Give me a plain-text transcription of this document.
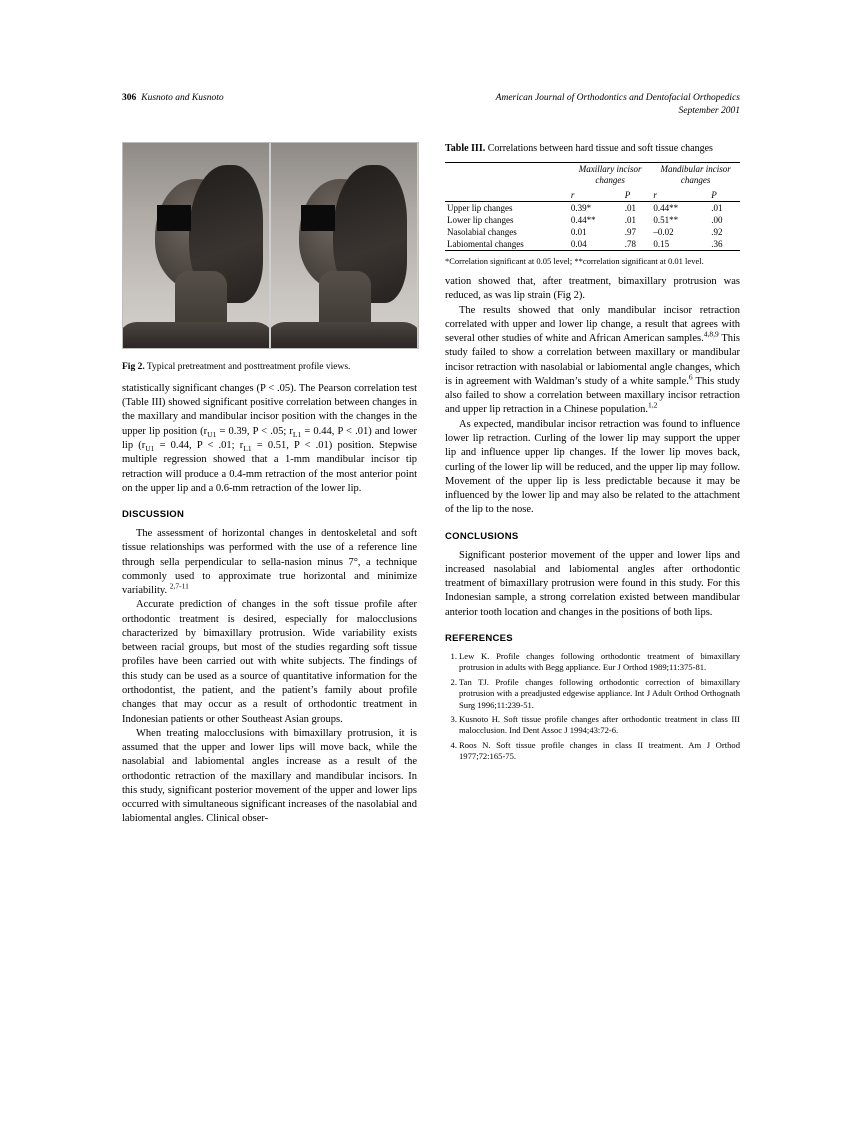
306 Kusnoto and Kusnoto	American Journal of Orthodontics and Dentofacial Orthopedics
September 2001
Fig 2. Typical pretreatment and posttreatment profile views.

statistically significant changes (P < .05). The Pearson correlation test (Table III) showed significant positive correlation between changes in the maxillary and mandibular incisor position with the changes in the upper lip position ($r_{U1} = 0.39$, P < .05; $r_{L1} = 0.44$, P < .01) and lower lip ($r_{U1} = 0.44$, P < .01; $r_{L1} = 0.51$, P < .01) position. Stepwise multiple regression showed that a 1-mm mandibular incisor tip retraction will produce a 0.4-mm retraction of the most anterior point on the upper lip and a 0.6-mm retraction of the lower lip.

DISCUSSION

The assessment of horizontal changes in dentoskeletal and soft tissue relationships was performed with the use of a reference line through sella perpendicular to sella-nasion minus 7°, a technique commonly used to approximate true horizontal and minimize variability. $^{2,7-11}$

Accurate prediction of changes in the soft tissue profile after orthodontic treatment is desired, especially for malocclusions characterized by bimaxillary protrusion. Wide variability exists between racial groups, but most of the studies regarding soft tissue profiles have been carried out with white subjects. The findings of this study can be used as a source of quantitative information for the orthodontist, the patient, and the patient’s family about profile changes that may occur as a result of orthodontic treatment in Indonesian patients or other Southeast Asian groups.

When treating malocclusions with bimaxillary protrusion, it is assumed that the upper and lower lips will move back, while the nasolabial and labiomental angles increase as a result of the orthodontic retraction of the maxillary and mandibular incisors. In this study, significant posterior movement of the upper and lower lips occurred with simultaneous significant increases of the nasolabial and labiomental angles. Clinical obser-

Table III. Correlations between hard tissue and soft tissue changes
	Maxillary incisor changes		Mandibular incisor changes	
	r	P	r	P
Upper lip changes	0.39*	.01	0.44**	.01
Lower lip changes	0.44**	.01	0.51**	.00
Nasolabial changes	0.01	.97	–0.02	.92
Labiomental changes	0.04	.78	0.15	.36
*Correlation significant at 0.05 level; **correlation significant at 0.01 level.

vation showed that, after treatment, bimaxillary protrusion was reduced, as was lip strain (Fig 2).

The results showed that only mandibular incisor retraction correlated with upper and lower lip change, a result that agrees with several other studies of white and African American samples.$^{4,8,9}$ This study failed to show a correlation between maxillary or mandibular incisor retraction with nasolabial or labiomental angle changes, which is in agreement with Waldman’s study of a white sample.$^6$ This study also failed to show a correlation between maxillary incisor retraction and upper lip retraction in a Chinese population.$^{1,2}$

As expected, mandibular incisor retraction was found to influence lower lip retraction. Curling of the lower lip may support the upper lip and influence upper lip changes. If the lower lip moves back, curling of the lower lip will be reduced, and the upper lip may follow. Movement of the upper lip is less predictable because it may be influenced by the lower lip and may also be related to the attachment of the lip to the nose.

CONCLUSIONS

Significant posterior movement of the upper and lower lips and increased nasolabial and labiomental angles after orthodontic treatment of bimaxillary protrusion were found in this study. For this Indonesian sample, a strong correlation existed between mandibular anterior tooth location and changes in the positions of both lips.

REFERENCES
1. Lew K. Profile changes following orthodontic treatment of bimaxillary protrusion in adults with Begg appliance. Eur J Orthod 1989;11:375-81.
2. Tan TJ. Profile changes following orthodontic correction of bimaxillary protrusion with a preadjusted edgewise appliance. Int J Adult Orthod Orthognath Surg 1996;11:239-51.
3. Kusnoto H. Soft tissue profile changes after orthodontic treatment in class III malocclusion. Ind Dent Assoc J 1994;43:72-6.
4. Roos N. Soft tissue profile changes in class II treatment. Am J Orthod 1977;72:165-75.
